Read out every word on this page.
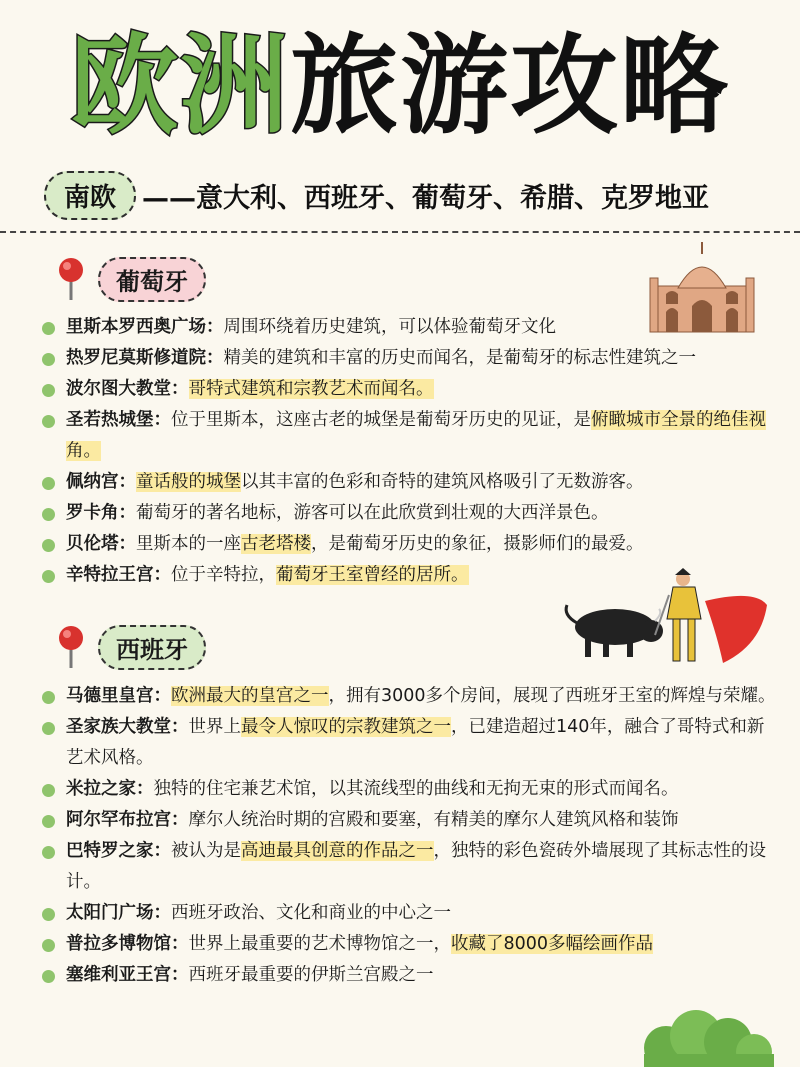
欧洲 旅游攻略
南欧 ——意大利、西班牙、葡萄牙、希腊、克罗地亚
葡萄牙
里斯本罗西奥广场：周围环绕着历史建筑，可以体验葡萄牙文化
热罗尼莫斯修道院：精美的建筑和丰富的历史而闻名，是葡萄牙的标志性建筑之一
波尔图大教堂：哥特式建筑和宗教艺术而闻名。
圣若热城堡：位于里斯本，这座古老的城堡是葡萄牙历史的见证，是俯瞰城市全景的绝佳视角。
佩纳宫：童话般的城堡以其丰富的色彩和奇特的建筑风格吸引了无数游客。
罗卡角：葡萄牙的著名地标，游客可以在此欣赏到壮观的大西洋景色。
贝伦塔：里斯本的一座古老塔楼，是葡萄牙历史的象征，摄影师们的最爱。
辛特拉王宫：位于辛特拉，葡萄牙王室曾经的居所。
西班牙
马德里皇宫：欧洲最大的皇宫之一，拥有3000多个房间，展现了西班牙王室的辉煌与荣耀。
圣家族大教堂：世界上最令人惊叹的宗教建筑之一，已建造超过140年，融合了哥特式和新艺术风格。
米拉之家：独特的住宅兼艺术馆，以其流线型的曲线和无拘无束的形式而闻名。
阿尔罕布拉宫：摩尔人统治时期的宫殿和要塞，有精美的摩尔人建筑风格和装饰
巴特罗之家：被认为是高迪最具创意的作品之一，独特的彩色瓷砖外墙展现了其标志性的设计。
太阳门广场：西班牙政治、文化和商业的中心之一
普拉多博物馆：世界上最重要的艺术博物馆之一，收藏了8000多幅绘画作品
塞维利亚王宫：西班牙最重要的伊斯兰宫殿之一
